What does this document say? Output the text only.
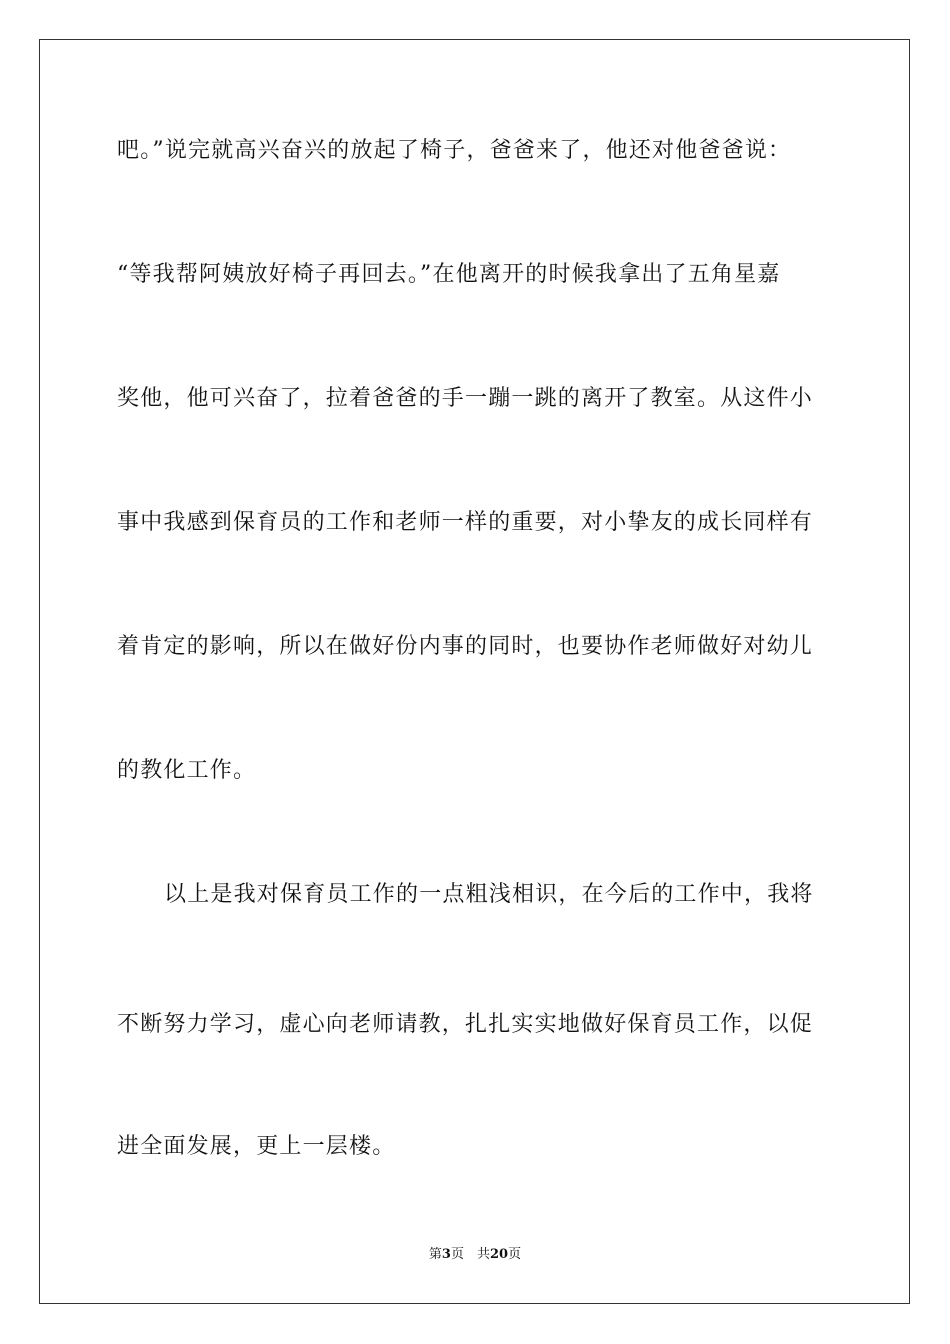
吧。”说完就高兴奋兴的放起了椅子，爸爸来了，他还对他爸爸说：
“等我帮阿姨放好椅子再回去。”在他离开的时候我拿出了五角星嘉
奖他，他可兴奋了，拉着爸爸的手一蹦一跳的离开了教室。从这件小
事中我感到保育员的工作和老师一样的重要，对小挚友的成长同样有
着肯定的影响，所以在做好份内事的同时，也要协作老师做好对幼儿
的教化工作。
以上是我对保育员工作的一点粗浅相识，在今后的工作中，我将
不断努力学习，虚心向老师请教，扎扎实实地做好保育员工作，以促
进全面发展，更上一层楼。
第3页　共20页
